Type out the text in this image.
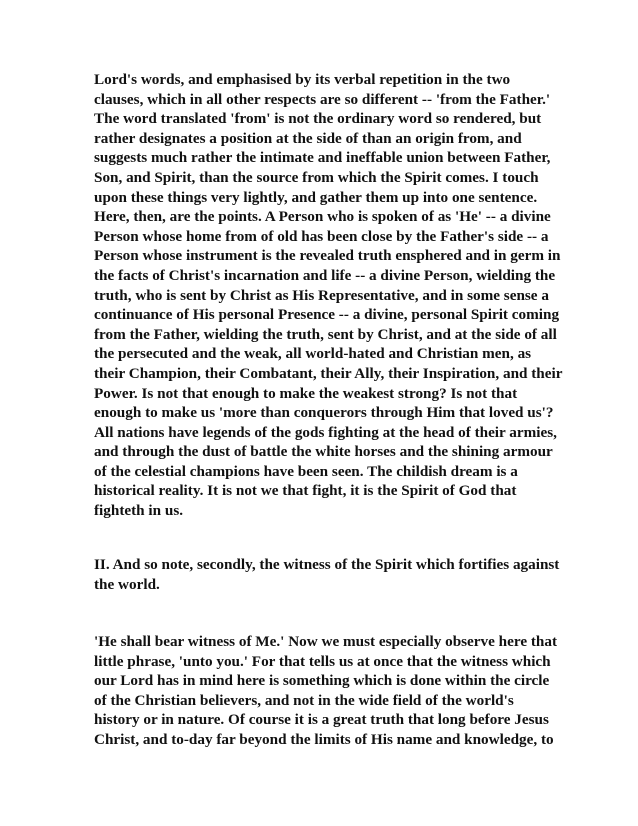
Lord's words, and emphasised by its verbal repetition in the two
clauses, which in all other respects are so different -- 'from the Father.'
The word translated 'from' is not the ordinary word so rendered, but
rather designates a position at the side of than an origin from, and
suggests much rather the intimate and ineffable union between Father,
Son, and Spirit, than the source from which the Spirit comes. I touch
upon these things very lightly, and gather them up into one sentence.
Here, then, are the points. A Person who is spoken of as 'He' -- a divine
Person whose home from of old has been close by the Father's side -- a
Person whose instrument is the revealed truth ensphered and in germ in
the facts of Christ's incarnation and life -- a divine Person, wielding the
truth, who is sent by Christ as His Representative, and in some sense a
continuance of His personal Presence -- a divine, personal Spirit coming
from the Father, wielding the truth, sent by Christ, and at the side of all
the persecuted and the weak, all world-hated and Christian men, as
their Champion, their Combatant, their Ally, their Inspiration, and their
Power. Is not that enough to make the weakest strong? Is not that
enough to make us 'more than conquerors through Him that loved us'?
All nations have legends of the gods fighting at the head of their armies,
and through the dust of battle the white horses and the shining armour
of the celestial champions have been seen. The childish dream is a
historical reality. It is not we that fight, it is the Spirit of God that
fighteth in us.

II. And so note, secondly, the witness of the Spirit which fortifies against
the world.

'He shall bear witness of Me.' Now we must especially observe here that
little phrase, 'unto you.' For that tells us at once that the witness which
our Lord has in mind here is something which is done within the circle
of the Christian believers, and not in the wide field of the world's
history or in nature. Of course it is a great truth that long before Jesus
Christ, and to-day far beyond the limits of His name and knowledge, to
